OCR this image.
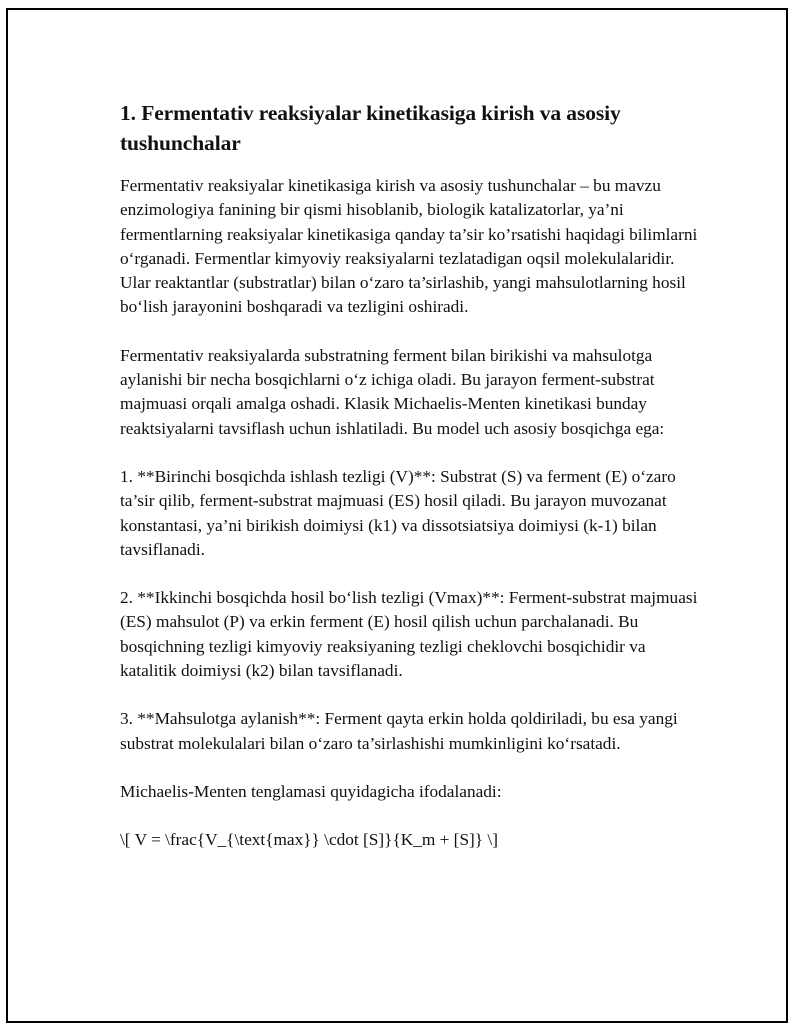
1. Fermentativ reaksiyalar kinetikasiga kirish va asosiy tushunchalar

Fermentativ reaksiyalar kinetikasiga kirish va asosiy tushunchalar – bu mavzu enzimologiya fanining bir qismi hisoblanib, biologik katalizatorlar, ya’ni fermentlarning reaksiyalar kinetikasiga qanday ta’sir ko’rsatishi haqidagi bilimlarni o‘rganadi. Fermentlar kimyoviy reaksiyalarni tezlatadigan oqsil molekulalaridir. Ular reaktantlar (substratlar) bilan o‘zaro ta’sirlashib, yangi mahsulotlarning hosil bo‘lish jarayonini boshqaradi va tezligini oshiradi.

Fermentativ reaksiyalarda substratning ferment bilan birikishi va mahsulotga aylanishi bir necha bosqichlarni o‘z ichiga oladi. Bu jarayon ferment-substrat majmuasi orqali amalga oshadi. Klasik Michaelis-Menten kinetikasi bunday reaktsiyalarni tavsiflash uchun ishlatiladi. Bu model uch asosiy bosqichga ega:

1. **Birinchi bosqichda ishlash tezligi (V)**: Substrat (S) va ferment (E) o‘zaro ta’sir qilib, ferment-substrat majmuasi (ES) hosil qiladi. Bu jarayon muvozanat konstantasi, ya’ni birikish doimiysi (k1) va dissotsiatsiya doimiysi (k-1) bilan tavsiflanadi.

2. **Ikkinchi bosqichda hosil bo‘lish tezligi (Vmax)**: Ferment-substrat majmuasi (ES) mahsulot (P) va erkin ferment (E) hosil qilish uchun parchalanadi. Bu bosqichning tezligi kimyoviy reaksiyaning tezligi cheklovchi bosqichidir va katalitik doimiysi (k2) bilan tavsiflanadi.

3. **Mahsulotga aylanish**: Ferment qayta erkin holda qoldiriladi, bu esa yangi substrat molekulalari bilan o‘zaro ta’sirlashishi mumkinligini ko‘rsatadi.

Michaelis-Menten tenglamasi quyidagicha ifodalanadi:

\[ V = \frac{V_{\text{max}} \cdot [S]}{K_m + [S]} \]
